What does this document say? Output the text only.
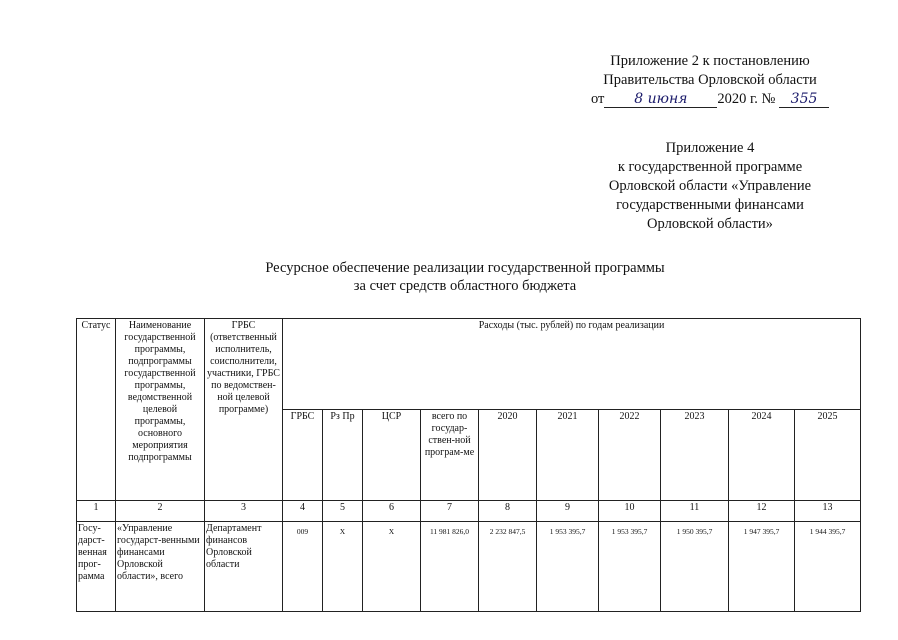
Приложение 2 к постановлению
Правительства Орловской области
от 8 июня 2020 г. № 355
Приложение 4
к государственной программе
Орловской области «Управление
государственными финансами
Орловской области»
Ресурсное обеспечение реализации государственной программы
за счет средств областного бюджета
Статус	Наименование государственной программы, подпрограммы государственной программы, ведомственной целевой программы, основного мероприятия подпрограммы	ГРБС (ответственный исполнитель, соисполнители, участники, ГРБС по ведомствен-ной целевой программе)	Расходы (тыс. рублей) по годам реализации									
			ГРБС	Рз Пр	ЦСР	всего по государ-ствен-ной програм-ме	2020	2021	2022	2023	2024	2025
1	2	3	4	5	6	7	8	9	10	11	12	13
Госу-дарст-венная прог-рамма	«Управление государст-венными финансами Орловской области», всего	Департамент финансов Орловской области	009	Х	Х	11 981 826,0	2 232 847,5	1 953 395,7	1 953 395,7	1 950 395,7	1 947 395,7	1 944 395,7
